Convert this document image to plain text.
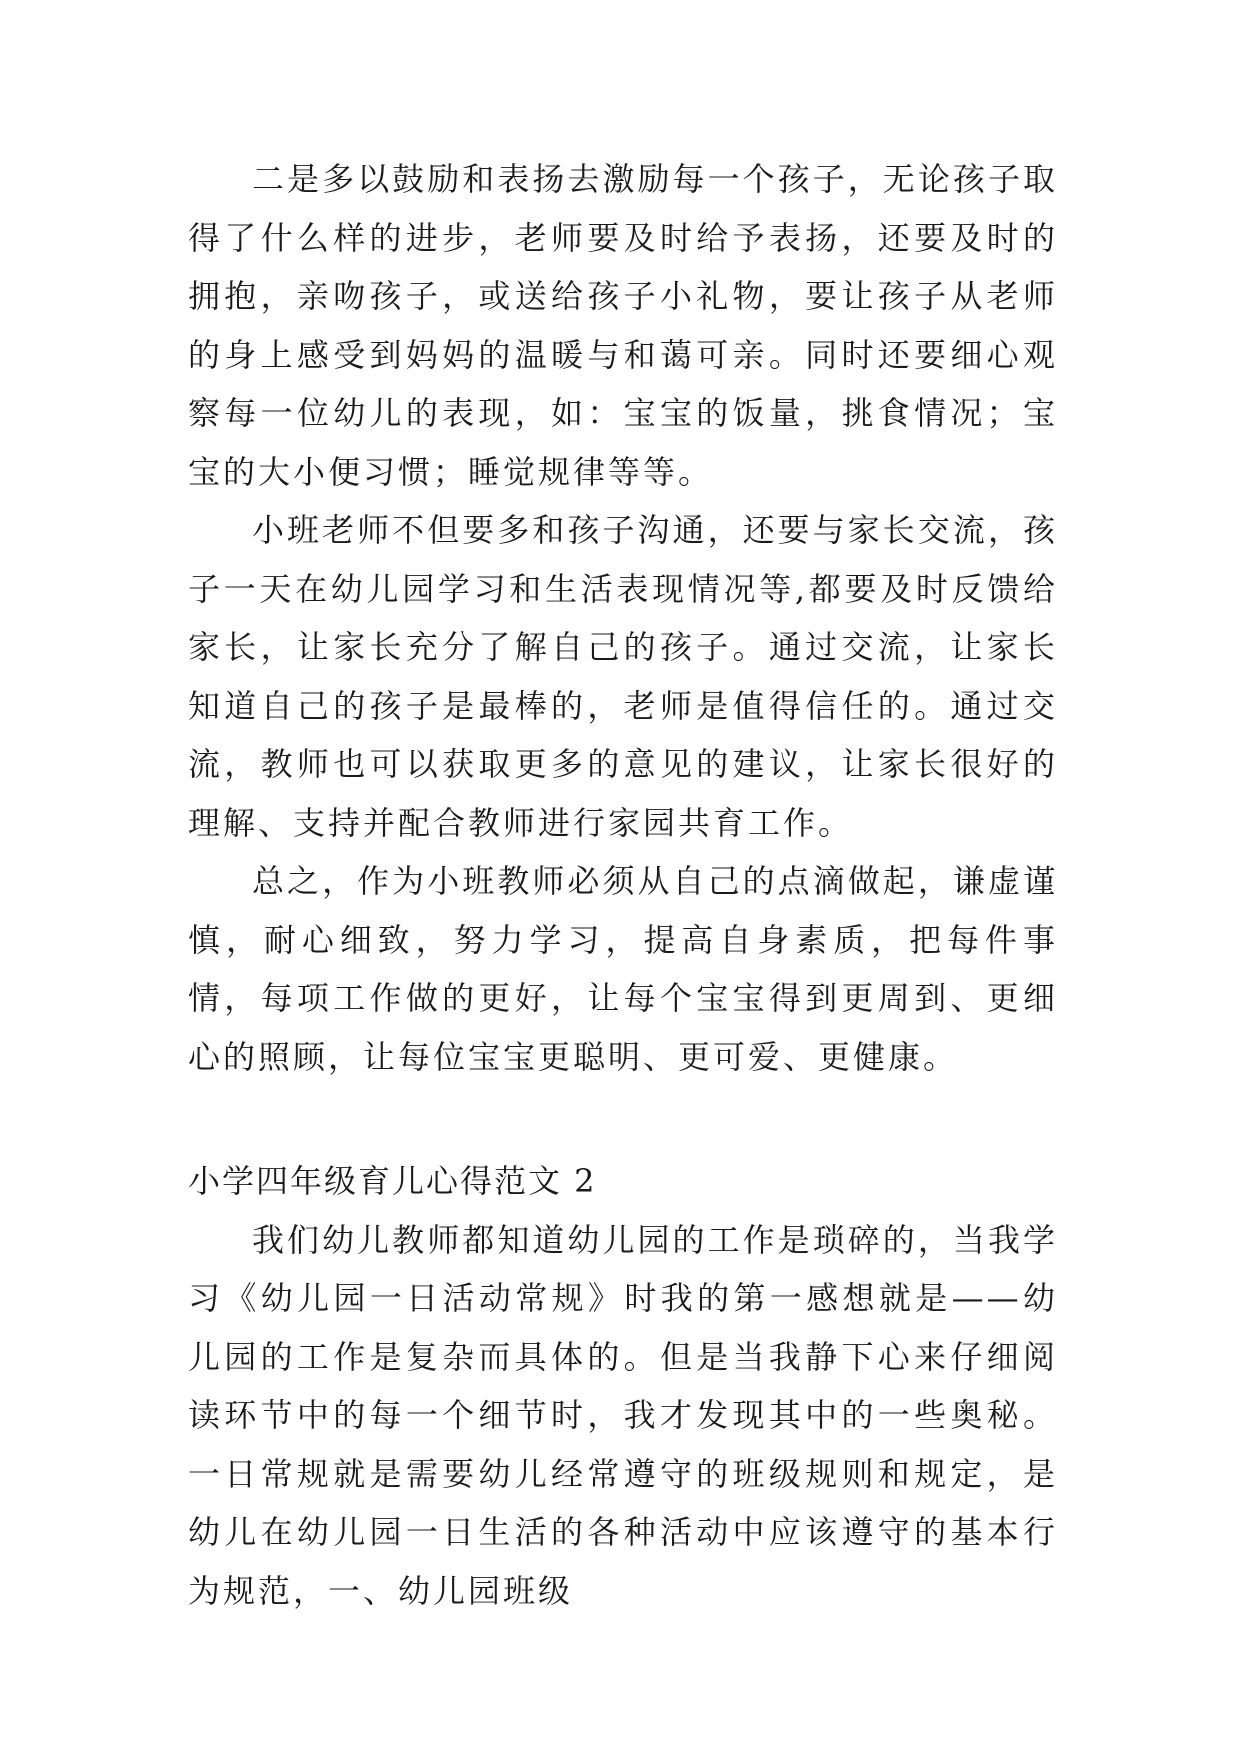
二是多以鼓励和表扬去激励每一个孩子，无论孩子取得了什么样的进步，老师要及时给予表扬，还要及时的拥抱，亲吻孩子，或送给孩子小礼物，要让孩子从老师的身上感受到妈妈的温暖与和蔼可亲。同时还要细心观察每一位幼儿的表现，如：宝宝的饭量，挑食情况；宝宝的大小便习惯；睡觉规律等等。

小班老师不但要多和孩子沟通，还要与家长交流，孩子一天在幼儿园学习和生活表现情况等,都要及时反馈给家长，让家长充分了解自己的孩子。通过交流，让家长知道自己的孩子是最棒的，老师是值得信任的。通过交流，教师也可以获取更多的意见的建议，让家长很好的理解、支持并配合教师进行家园共育工作。

总之，作为小班教师必须从自己的点滴做起，谦虚谨慎，耐心细致，努力学习，提高自身素质，把每件事情，每项工作做的更好，让每个宝宝得到更周到、更细心的照顾，让每位宝宝更聪明、更可爱、更健康。

小学四年级育儿心得范文 2

我们幼儿教师都知道幼儿园的工作是琐碎的，当我学习《幼儿园一日活动常规》时我的第一感想就是——幼儿园的工作是复杂而具体的。但是当我静下心来仔细阅读环节中的每一个细节时，我才发现其中的一些奥秘。一日常规就是需要幼儿经常遵守的班级规则和规定，是幼儿在幼儿园一日生活的各种活动中应该遵守的基本行为规范，一、幼儿园班级
